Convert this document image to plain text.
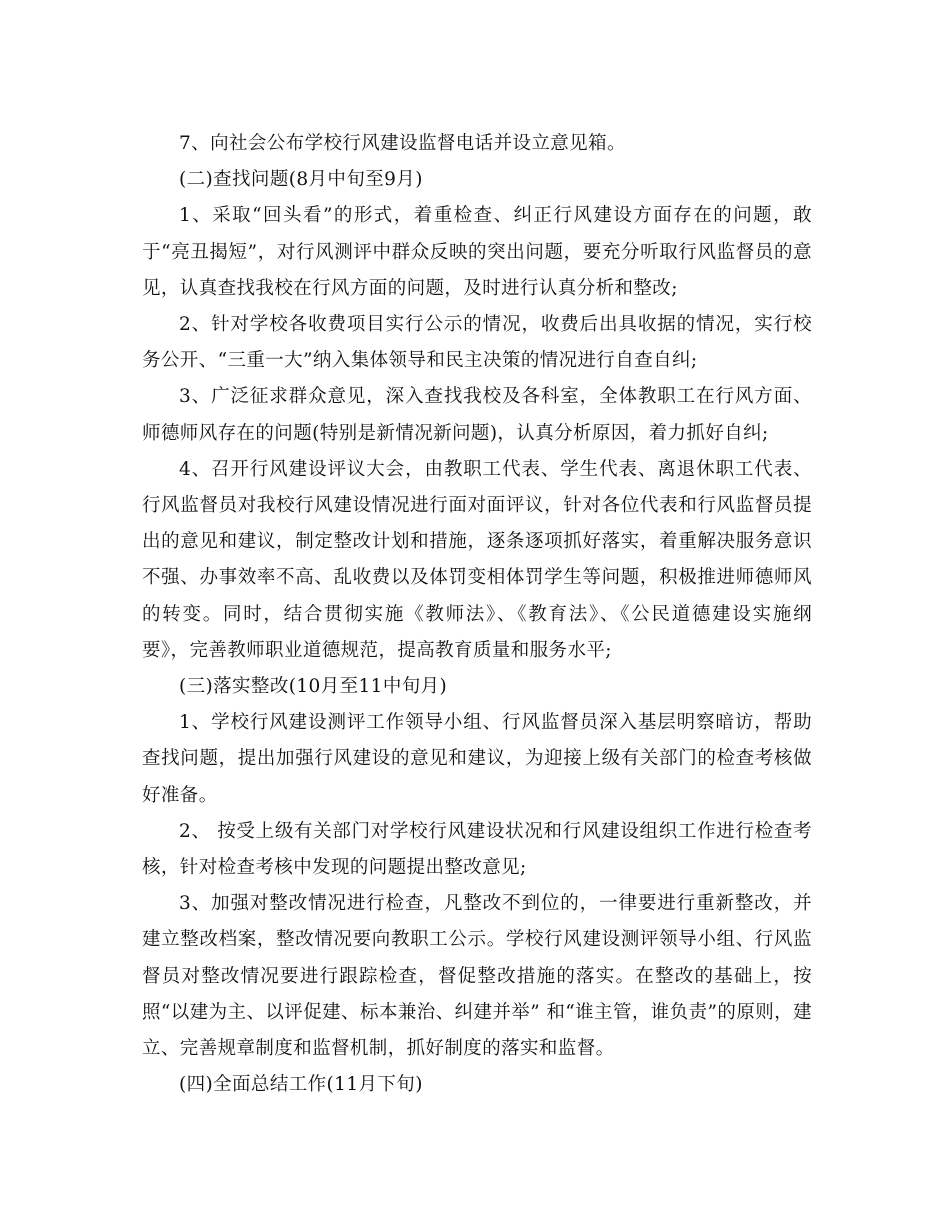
7、向社会公布学校行风建设监督电话并设立意见箱。

(二)查找问题(8月中旬至9月)

1、采取“回头看”的形式，着重检查、纠正行风建设方面存在的问题，敢于“亮丑揭短”，对行风测评中群众反映的突出问题，要充分听取行风监督员的意见，认真查找我校在行风方面的问题，及时进行认真分析和整改;

2、针对学校各收费项目实行公示的情况，收费后出具收据的情况，实行校务公开、“三重一大”纳入集体领导和民主决策的情况进行自查自纠;

3、广泛征求群众意见，深入查找我校及各科室，全体教职工在行风方面、师德师风存在的问题(特别是新情况新问题)，认真分析原因，着力抓好自纠;

4、召开行风建设评议大会，由教职工代表、学生代表、离退休职工代表、行风监督员对我校行风建设情况进行面对面评议，针对各位代表和行风监督员提出的意见和建议，制定整改计划和措施，逐条逐项抓好落实，着重解决服务意识不强、办事效率不高、乱收费以及体罚变相体罚学生等问题，积极推进师德师风的转变。同时，结合贯彻实施《教师法》、《教育法》、《公民道德建设实施纲要》，完善教师职业道德规范，提高教育质量和服务水平;

(三)落实整改(10月至11中旬月)

1、学校行风建设测评工作领导小组、行风监督员深入基层明察暗访，帮助查找问题，提出加强行风建设的意见和建议，为迎接上级有关部门的检查考核做好准备。

2、 按受上级有关部门对学校行风建设状况和行风建设组织工作进行检查考核，针对检查考核中发现的问题提出整改意见;

3、加强对整改情况进行检查，凡整改不到位的，一律要进行重新整改，并建立整改档案，整改情况要向教职工公示。学校行风建设测评领导小组、行风监督员对整改情况要进行跟踪检查，督促整改措施的落实。在整改的基础上，按照“以建为主、以评促建、标本兼治、纠建并举” 和“谁主管，谁负责”的原则，建立、完善规章制度和监督机制，抓好制度的落实和监督。

(四)全面总结工作(11月下旬)
